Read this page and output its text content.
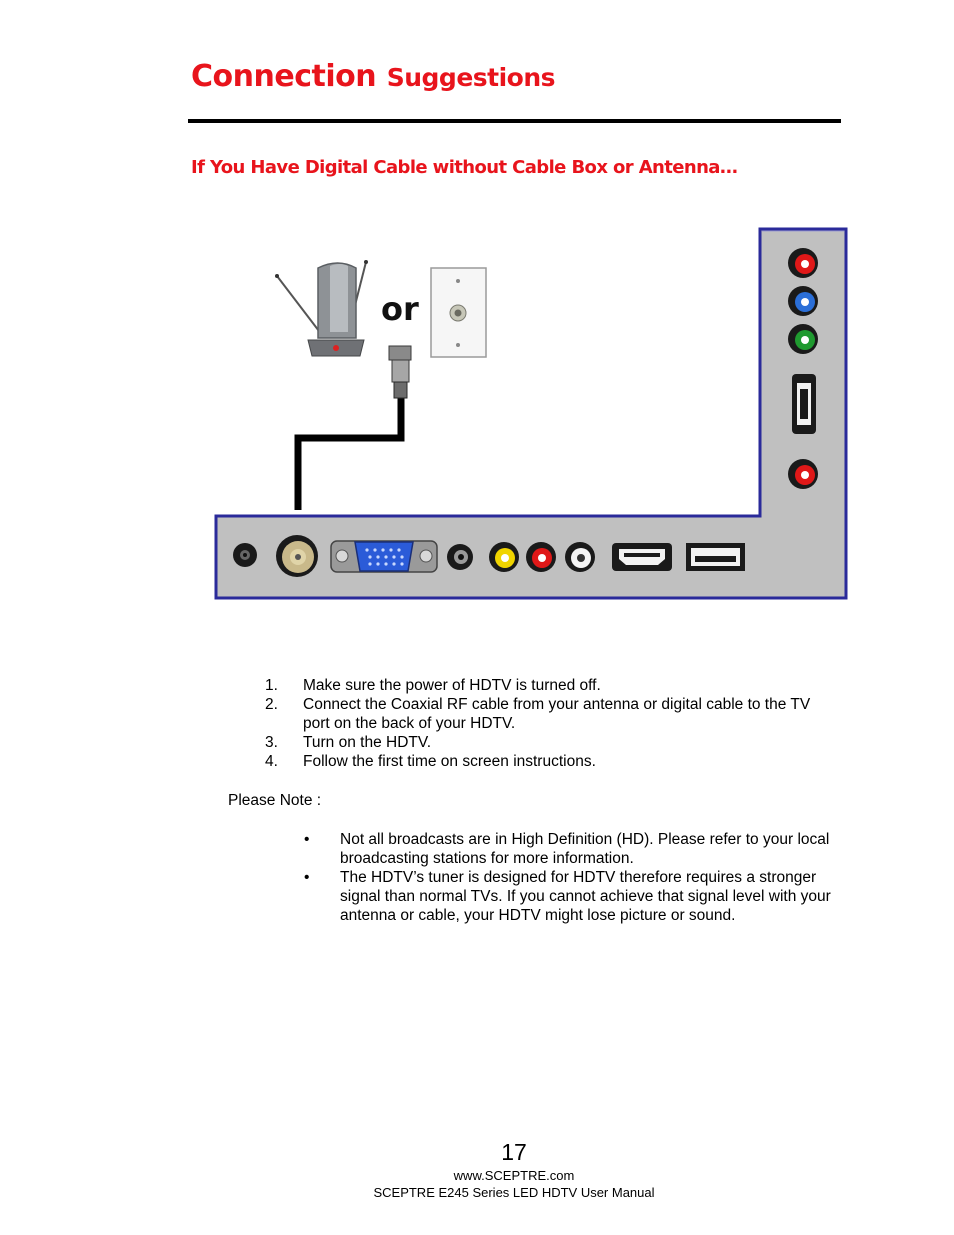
Connection Suggestions
If You Have Digital Cable without Cable Box or Antenna…
or
1. Make sure the power of HDTV is turned off.
2. Connect the Coaxial RF cable from your antenna or digital cable to the TV port on the back of your HDTV.
3. Turn on the HDTV.
4. Follow the first time on screen instructions.

Please Note :

• Not all broadcasts are in High Definition (HD). Please refer to your local broadcasting stations for more information.
• The HDTV’s tuner is designed for HDTV therefore requires a stronger signal than normal TVs. If you cannot achieve that signal level with your antenna or cable, your HDTV might lose picture or sound.
17
www.SCEPTRE.com
SCEPTRE E245 Series LED HDTV User Manual
